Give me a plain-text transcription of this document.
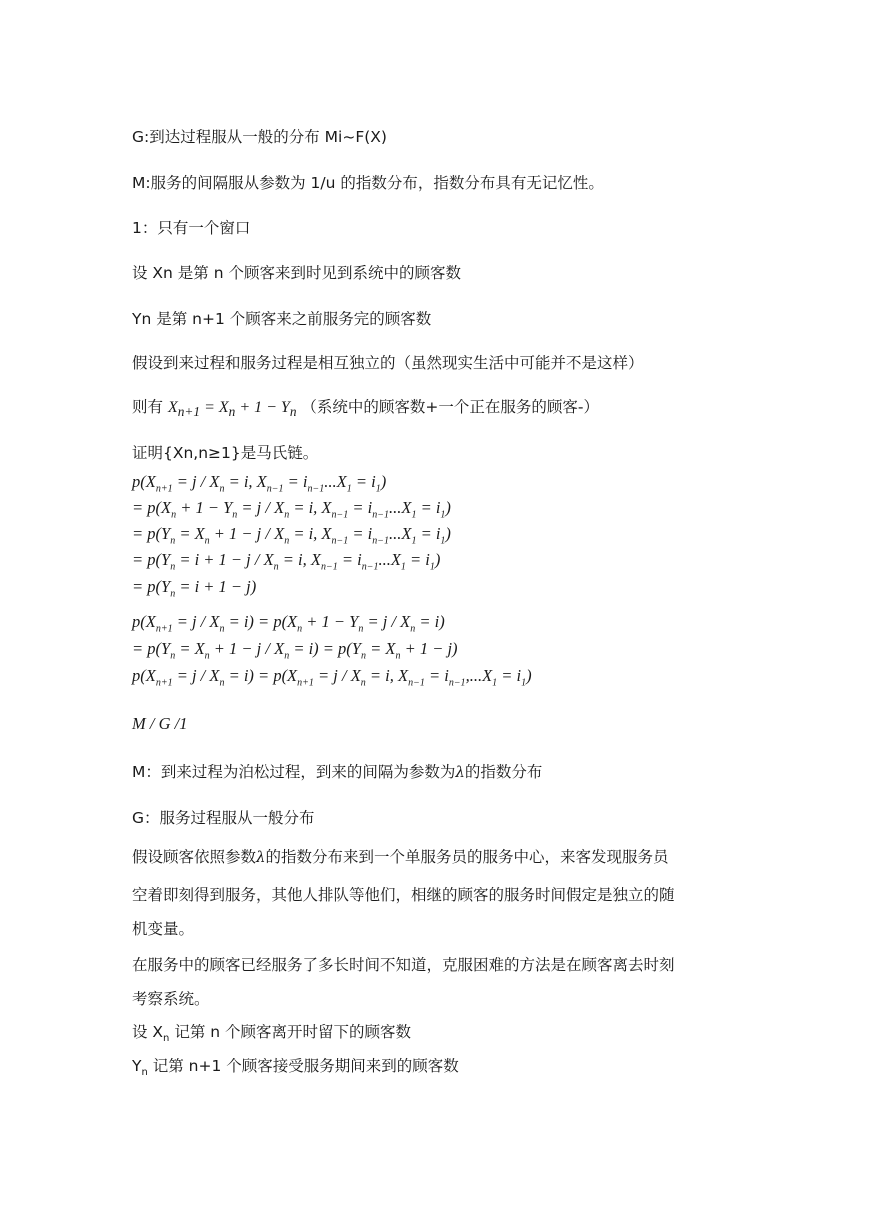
G:到达过程服从一般的分布 Mi~F(X)

M:服务的间隔服从参数为 1/u 的指数分布，指数分布具有无记忆性。

1：只有一个窗口

设 Xn 是第 n 个顾客来到时见到系统中的顾客数

Yn 是第 n+1 个顾客来之前服务完的顾客数

假设到来过程和服务过程是相互独立的（虽然现实生活中可能并不是这样）

则有 $X_{n+1} = X_n + 1 - Y_n$ （系统中的顾客数+一个正在服务的顾客-）

证明{Xn,n≥1}是马氏链。

$p(X_{n+1} = j / X_n = i$, $X_{n-1} = i_{n-1}...X_1 = i_1$)

= $p(X_n + 1 - Y_n = j / X_n = i$, $X_{n-1} = i_{n-1}...X_1 = i_1$)

= $p(Y_n = X_n + 1 - j / X_n = i$, $X_{n-1} = i_{n-1}...X_1 = i_1$)

= $p(Y_n = i + 1 - j / X_n = i$, $X_{n-1} = i_{n-1}...X_1 = i_1$)

= $p(Y_n = i + 1 - j)$

$p(X_{n+1} = j / X_n = i) = p(X_n + 1 - Y_n = j / X_n = i)$

= $p(Y_n = X_n + 1 - j / X_n = i) = p(Y_n = X_n + 1 - j)$

$p(X_{n+1} = j / X_n = i) = p(X_{n+1} = j / X_n = i$, $X_{n-1} = i_{n-1},...X_1 = i_1$)

M / G /1

M：到来过程为泊松过程，到来的间隔为参数为λ的指数分布

G：服务过程服从一般分布

假设顾客依照参数λ的指数分布来到一个单服务员的服务中心，来客发现服务员

空着即刻得到服务，其他人排队等他们，相继的顾客的服务时间假定是独立的随

机变量。

在服务中的顾客已经服务了多长时间不知道，克服困难的方法是在顾客离去时刻

考察系统。

设 $X_n$ 记第 n 个顾客离开时留下的顾客数

$Y_n$ 记第 n+1 个顾客接受服务期间来到的顾客数
